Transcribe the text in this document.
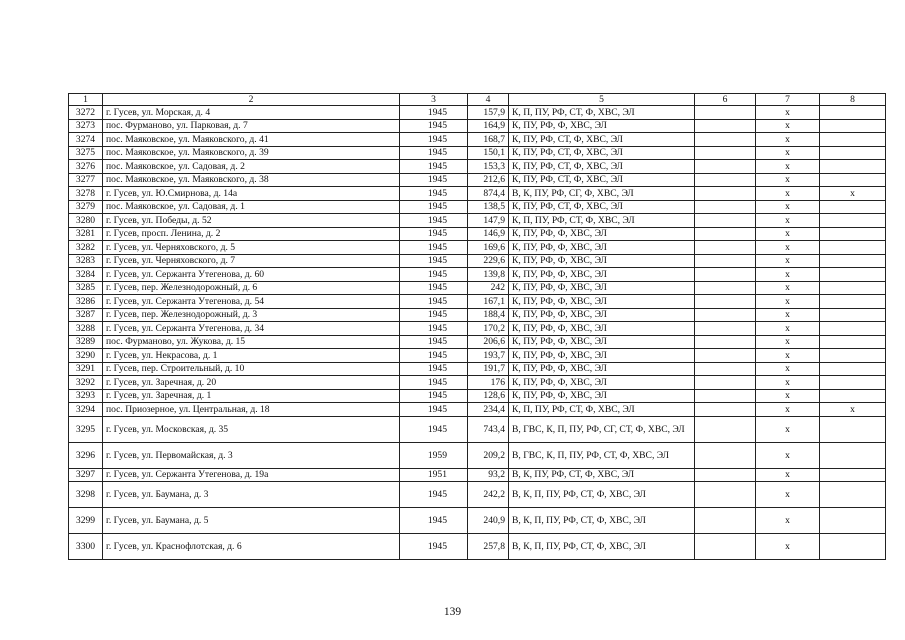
1	2	3	4	5	6	7	8
3272	г. Гусев, ул. Морская, д. 4	1945	157,9	К, П, ПУ, РФ, СТ, Ф, ХВС, ЭЛ		х	
3273	пос. Фурманово, ул. Парковая, д. 7	1945	164,9	К, ПУ, РФ, Ф, ХВС, ЭЛ		х	
3274	пос. Маяковское, ул. Маяковского, д. 41	1945	168,7	К, ПУ, РФ, СТ, Ф, ХВС, ЭЛ		х	
3275	пос. Маяковское, ул. Маяковского, д. 39	1945	150,1	К, ПУ, РФ, СТ, Ф, ХВС, ЭЛ		х	
3276	пос. Маяковское, ул. Садовая, д. 2	1945	153,3	К, ПУ, РФ, СТ, Ф, ХВС, ЭЛ		х	
3277	пос. Маяковское, ул. Маяковского, д. 38	1945	212,6	К, ПУ, РФ, СТ, Ф, ХВС, ЭЛ		х	
3278	г. Гусев, ул. Ю.Смирнова, д. 14а	1945	874,4	В, К, ПУ, РФ, СГ, Ф, ХВС, ЭЛ		х	х
3279	пос. Маяковское, ул. Садовая, д. 1	1945	138,5	К, ПУ, РФ, СТ, Ф, ХВС, ЭЛ		х	
3280	г. Гусев, ул. Победы, д. 52	1945	147,9	К, П, ПУ, РФ, СТ, Ф, ХВС, ЭЛ		х	
3281	г. Гусев, просп. Ленина, д. 2	1945	146,9	К, ПУ, РФ, Ф, ХВС, ЭЛ		х	
3282	г. Гусев, ул. Черняховского, д. 5	1945	169,6	К, ПУ, РФ, Ф, ХВС, ЭЛ		х	
3283	г. Гусев, ул. Черняховского, д. 7	1945	229,6	К, ПУ, РФ, Ф, ХВС, ЭЛ		х	
3284	г. Гусев, ул. Сержанта Утегенова, д. 60	1945	139,8	К, ПУ, РФ, Ф, ХВС, ЭЛ		х	
3285	г. Гусев, пер. Железнодорожный, д. 6	1945	242	К, ПУ, РФ, Ф, ХВС, ЭЛ		х	
3286	г. Гусев, ул. Сержанта Утегенова, д. 54	1945	167,1	К, ПУ, РФ, Ф, ХВС, ЭЛ		х	
3287	г. Гусев, пер. Железнодорожный, д. 3	1945	188,4	К, ПУ, РФ, Ф, ХВС, ЭЛ		х	
3288	г. Гусев, ул. Сержанта Утегенова, д. 34	1945	170,2	К, ПУ, РФ, Ф, ХВС, ЭЛ		х	
3289	пос. Фурманово, ул. Жукова, д. 15	1945	206,6	К, ПУ, РФ, Ф, ХВС, ЭЛ		х	
3290	г. Гусев, ул. Некрасова, д. 1	1945	193,7	К, ПУ, РФ, Ф, ХВС, ЭЛ		х	
3291	г. Гусев, пер. Строительный, д. 10	1945	191,7	К, ПУ, РФ, Ф, ХВС, ЭЛ		х	
3292	г. Гусев, ул. Заречная, д. 20	1945	176	К, ПУ, РФ, Ф, ХВС, ЭЛ		х	
3293	г. Гусев, ул. Заречная, д. 1	1945	128,6	К, ПУ, РФ, Ф, ХВС, ЭЛ		х	
3294	пос. Приозерное, ул. Центральная, д. 18	1945	234,4	К, П, ПУ, РФ, СТ, Ф, ХВС, ЭЛ		х	х
3295	г. Гусев, ул. Московская, д. 35	1945	743,4	В, ГВС, К, П, ПУ, РФ, СГ, СТ, Ф, ХВС, ЭЛ		х	
3296	г. Гусев, ул. Первомайская, д. 3	1959	209,2	В, ГВС, К, П, ПУ, РФ, СТ, Ф, ХВС, ЭЛ		х	
3297	г. Гусев, ул. Сержанта Утегенова, д. 19а	1951	93,2	В, К, ПУ, РФ, СТ, Ф, ХВС, ЭЛ		х	
3298	г. Гусев, ул. Баумана, д. 3	1945	242,2	В, К, П, ПУ, РФ, СТ, Ф, ХВС, ЭЛ		х	
3299	г. Гусев, ул. Баумана, д. 5	1945	240,9	В, К, П, ПУ, РФ, СТ, Ф, ХВС, ЭЛ		х	
3300	г. Гусев, ул. Краснофлотская, д. 6	1945	257,8	В, К, П, ПУ, РФ, СТ, Ф, ХВС, ЭЛ		х	
139
